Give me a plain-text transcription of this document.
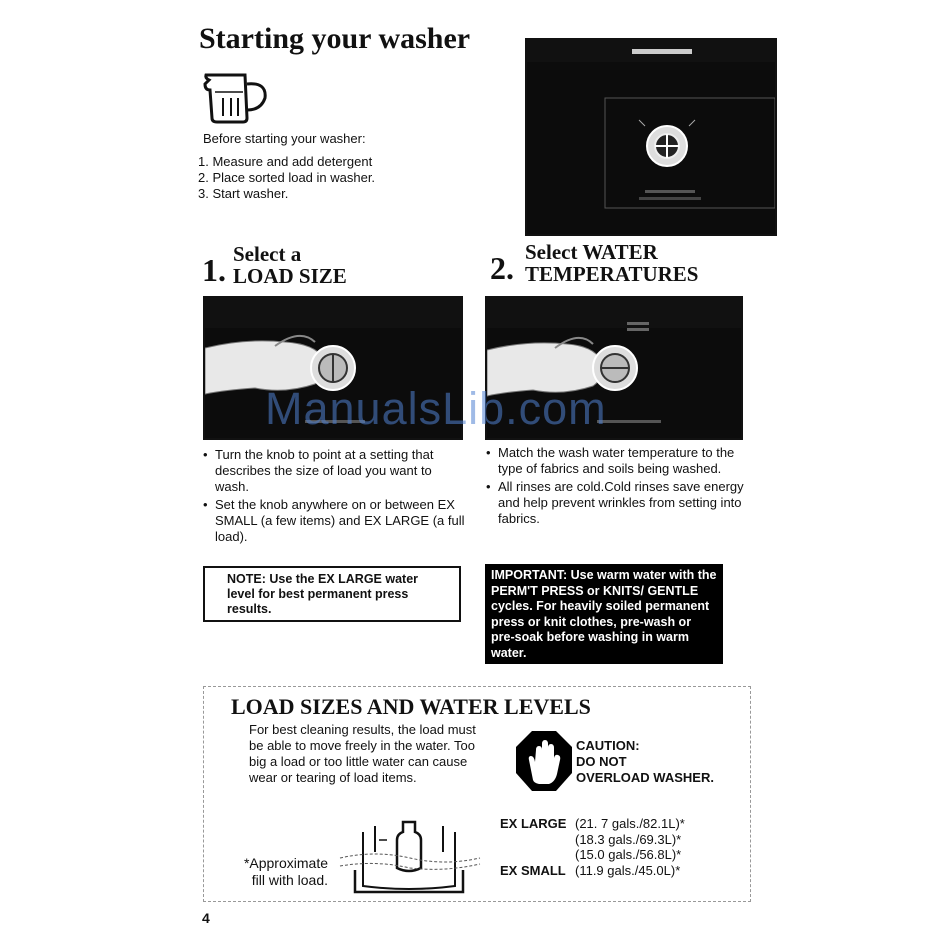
Starting your washer
Before starting your washer:
1. Measure and add detergent
2. Place sorted load in washer.
3. Start washer.
1. Select a
LOAD SIZE	2. Select WATER
TEMPERATURES
• Turn the knob to point at a setting that describes the size of load you want to wash.
• Set the knob anywhere on or between EX SMALL (a few items) and EX LARGE (a full load).
• Match the wash water temperature to the type of fabrics and soils being washed.
• All rinses are cold.Cold rinses save energy and help prevent wrinkles from setting into fabrics.
NOTE: Use the EX LARGE water level for best permanent press results.
IMPORTANT: Use warm water with the PERM'T PRESS or KNITS/ GENTLE cycles. For heavily soiled permanent press or knit clothes, pre-wash or pre-soak before washing in warm water.
LOAD SIZES AND WATER LEVELS
For best cleaning results, the load must be able to move freely in the water. Too big a load or too little water can cause wear or tearing of load items.
CAUTION:
DO NOT
OVERLOAD WASHER.
EX LARGE (21. 7 gals./82.1L)*
(18.3 gals./69.3L)*
(15.0 gals./56.8L)*
EX SMALL (11.9 gals./45.0L)*
*Approximate
fill with load.
4
ManualsLib.com
